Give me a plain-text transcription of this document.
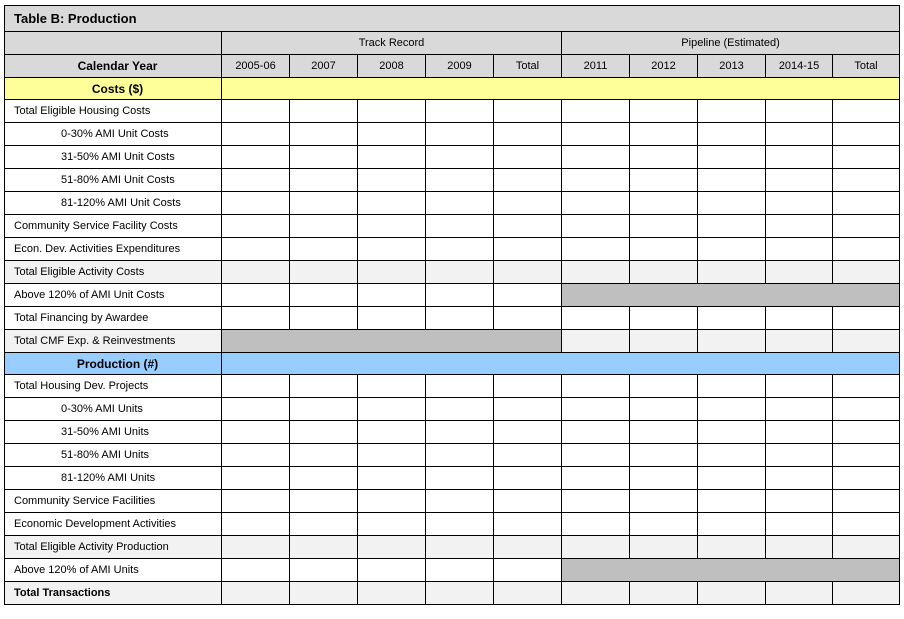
Table B: Production										
	Track Record					Pipeline (Estimated)				
Calendar Year	2005-06	2007	2008	2009	Total	2011	2012	2013	2014-15	Total
Costs ($)										
Total Eligible Housing Costs										
0-30% AMI Unit Costs										
31-50% AMI Unit Costs										
51-80% AMI Unit Costs										
81-120% AMI Unit Costs										
Community Service Facility Costs										
Econ. Dev. Activities Expenditures										
Total Eligible Activity Costs										
Above 120% of AMI Unit Costs										
Total Financing by Awardee										
Total CMF Exp. & Reinvestments										
Production (#)										
Total Housing Dev. Projects										
0-30% AMI Units										
31-50% AMI Units										
51-80% AMI Units										
81-120% AMI Units										
Community Service Facilities										
Economic Development Activities										
Total Eligible Activity Production										
Above 120% of AMI Units										
Total Transactions										
